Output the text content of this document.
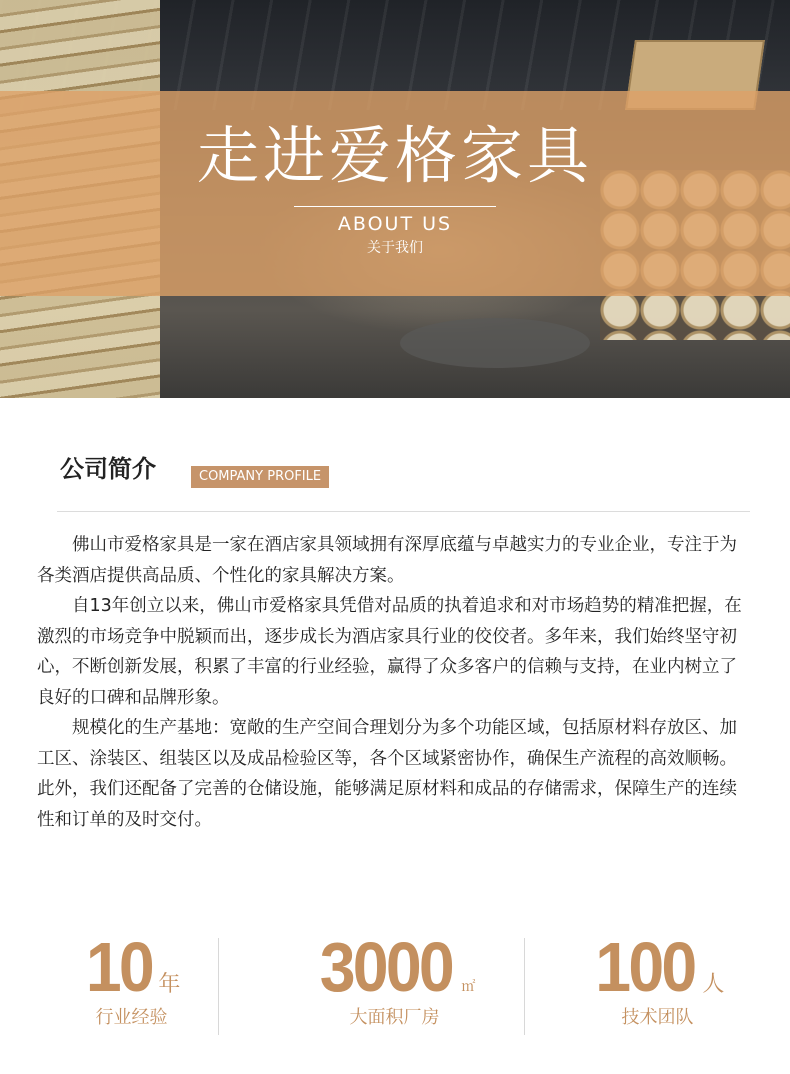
走进爱格家具
ABOUT US
关于我们
公司简介	COMPANY PROFILE

佛山市爱格家具是一家在酒店家具领域拥有深厚底蕴与卓越实力的专业企业，专注于为各类酒店提供高品质、个性化的家具解决方案。

自13年创立以来，佛山市爱格家具凭借对品质的执着追求和对市场趋势的精准把握，在激烈的市场竞争中脱颖而出，逐步成长为酒店家具行业的佼佼者。多年来，我们始终坚守初心，不断创新发展，积累了丰富的行业经验，赢得了众多客户的信赖与支持，在业内树立了良好的口碑和品牌形象。

规模化的生产基地：宽敞的生产空间合理划分为多个功能区域，包括原材料存放区、加工区、涂装区、组装区以及成品检验区等，各个区域紧密协作，确保生产流程的高效顺畅。此外，我们还配备了完善的仓储设施，能够满足原材料和成品的存储需求，保障生产的连续性和订单的及时交付。

10 年
行业经验
3000 ㎡
大面积厂房
100 人
技术团队
